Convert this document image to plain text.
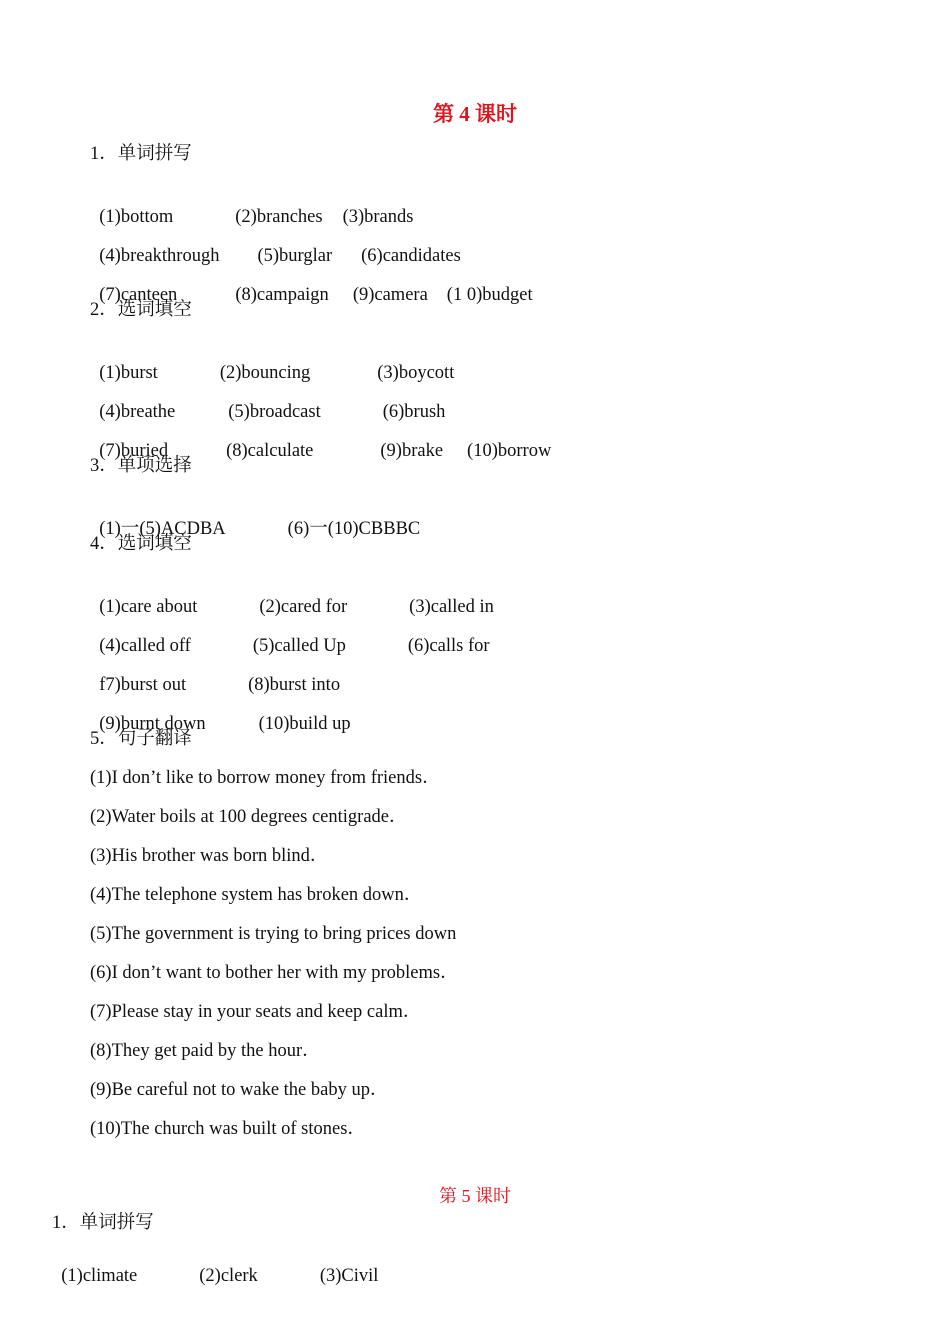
第 4 课时
1．单词拼写

(1)bottom	(2)branches (3)brands

(4)breakthrough (5)burglar (6)candidates

(7)canteen	(8)campaign (9)camera (1 0)budget

2．选词填空

(1)burst	(2)bouncing	(3)boycott

(4)breathe	(5)broadcast	(6)brush

(7)buried	(8)calculate	(9)brake (10)borrow

3．单项选择

(1)一(5)ACDBA	(6)一(10)CBBBC

4．选词填空

(1)care about	(2)cared for	(3)called in

(4)called off	(5)called Up	(6)calls for

f7)burst out	(8)burst into

(9)burnt down	(10)build up

5．句子翻译
(1)I don’t like to borrow money from friends．
(2)Water boils at 100 degrees centigrade．
(3)His brother was born blind．
(4)The telephone system has broken down．
(5)The government is trying to bring prices down
(6)I don’t want to bother her with my problems．
(7)Please stay in your seats and keep calm．
(8)They get paid by the hour．
(9)Be careful not to wake the baby up．
(10)The church was built of stones．
第 5 课时
1．单词拼写

(1)climate	(2)clerk	(3)Civil
